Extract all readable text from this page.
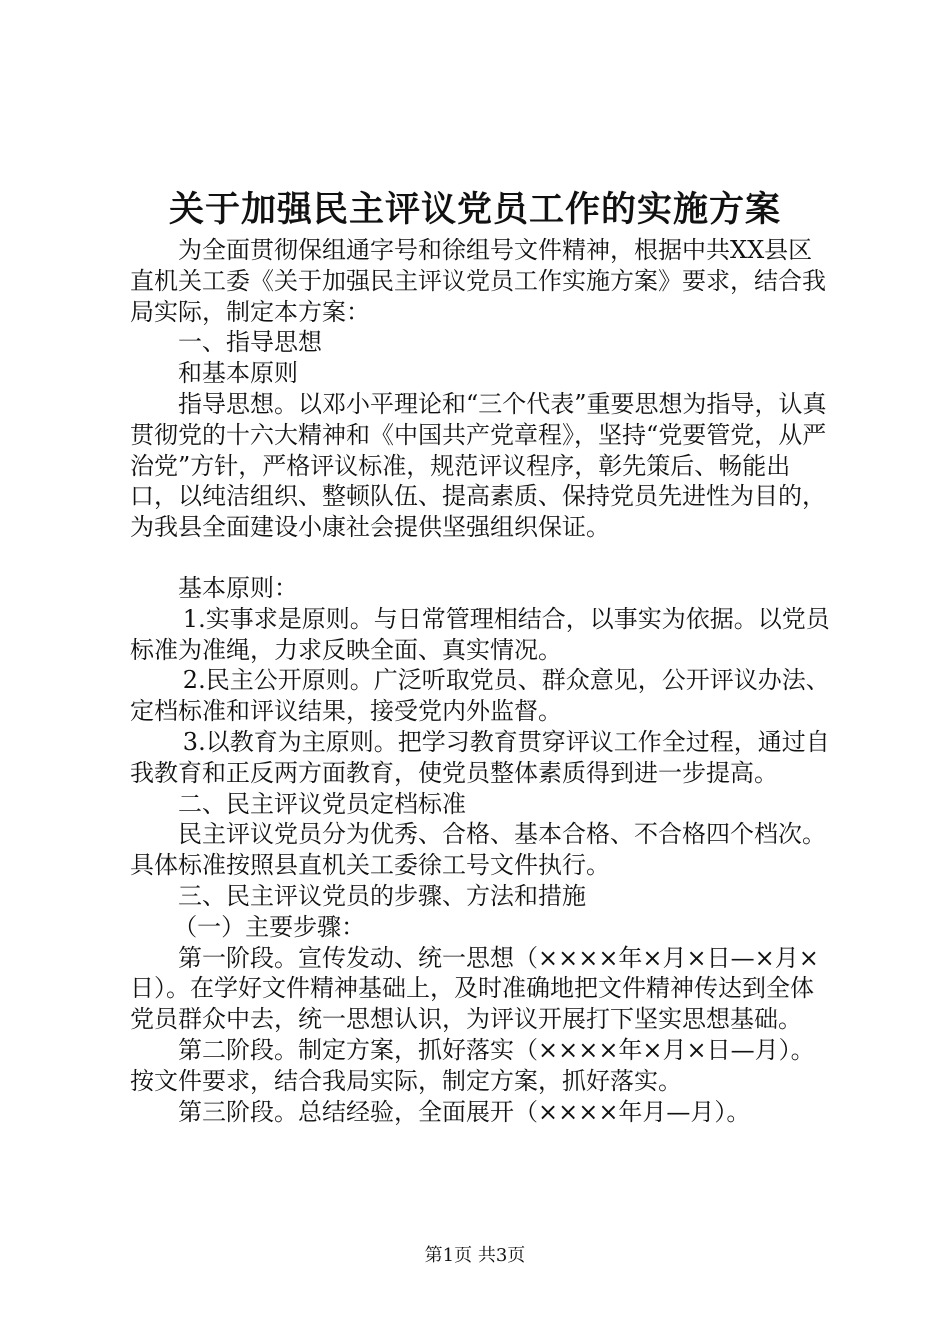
关于加强民主评议党员工作的实施方案

为全面贯彻保组通字号和徐组号文件精神，根据中共XX县区直机关工委《关于加强民主评议党员工作实施方案》要求，结合我局实际，制定本方案：

一、指导思想

和基本原则

指导思想。以邓小平理论和“三个代表”重要思想为指导，认真贯彻党的十六大精神和《中国共产党章程》，坚持“党要管党，从严治党”方针，严格评议标准，规范评议程序，彰先策后、畅能出口，以纯洁组织、整顿队伍、提高素质、保持党员先进性为目的，为我县全面建设小康社会提供坚强组织保证。

基本原则：

1.实事求是原则。与日常管理相结合，以事实为依据。以党员标准为准绳，力求反映全面、真实情况。

2.民主公开原则。广泛听取党员、群众意见，公开评议办法、定档标准和评议结果，接受党内外监督。

3.以教育为主原则。把学习教育贯穿评议工作全过程，通过自我教育和正反两方面教育，使党员整体素质得到进一步提高。

二、民主评议党员定档标准

民主评议党员分为优秀、合格、基本合格、不合格四个档次。具体标准按照县直机关工委徐工号文件执行。

三、民主评议党员的步骤、方法和措施

（一）主要步骤：

第一阶段。宣传发动、统一思想（××××年×月×日—×月×日）。在学好文件精神基础上，及时准确地把文件精神传达到全体党员群众中去，统一思想认识，为评议开展打下坚实思想基础。

第二阶段。制定方案，抓好落实（××××年×月×日—月）。按文件要求，结合我局实际，制定方案，抓好落实。

第三阶段。总结经验，全面展开（××××年月—月）。

第1页 共3页
